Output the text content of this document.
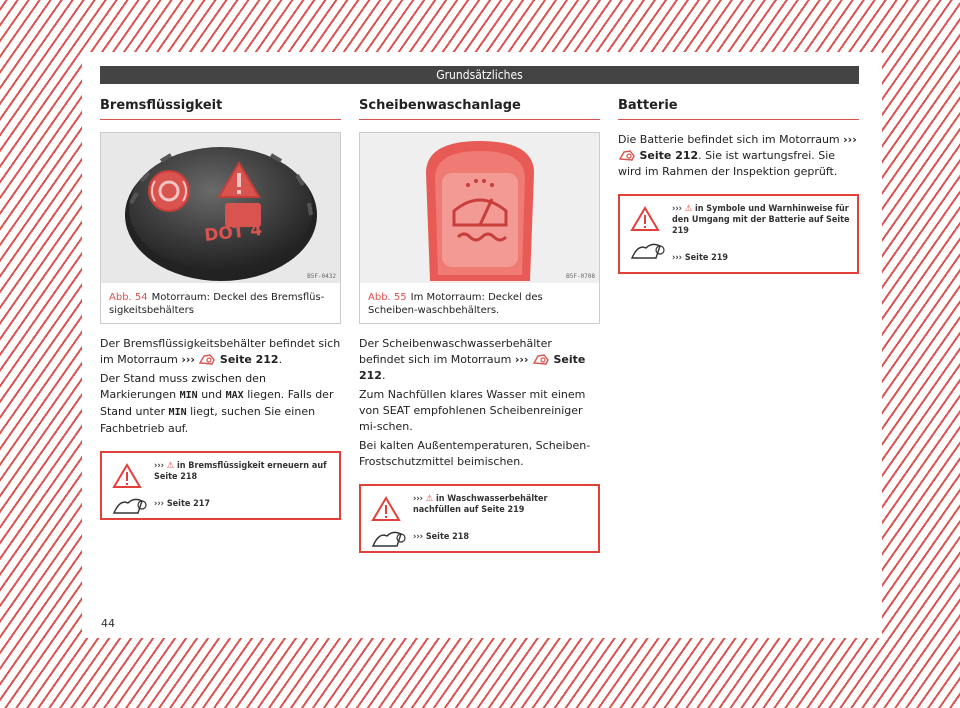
Grundsätzliches
Bremsflüssigkeit
DOT 4
B5F-0432
Abb. 54 Motorraum: Deckel des Bremsflüs-sigkeitsbehälters

Der Bremsflüssigkeitsbehälter befindet sich im Motorraum ››› Seite 212.

Der Stand muss zwischen den Markierungen MIN und MAX liegen. Falls der Stand unter MIN liegt, suchen Sie einen Fachbetrieb auf.

››› ⚠ in Bremsflüssigkeit erneuern auf Seite 218
››› Seite 217
Scheibenwaschanlage
B5F-0708
Abb. 55 Im Motorraum: Deckel des Scheiben-waschbehälters.

Der Scheibenwaschwasserbehälter befindet sich im Motorraum ››› Seite 212.

Zum Nachfüllen klares Wasser mit einem von SEAT empfohlenen Scheibenreiniger mi-schen.

Bei kalten Außentemperaturen, Scheiben-Frostschutzmittel beimischen.

››› ⚠ in Waschwasserbehälter nachfüllen auf Seite 219
››› Seite 218
Batterie

Die Batterie befindet sich im Motorraum ›››  Seite 212. Sie ist wartungsfrei. Sie wird im Rahmen der Inspektion geprüft.

››› ⚠ in Symbole und Warnhinweise für den Umgang mit der Batterie auf Seite 219
››› Seite 219
44
